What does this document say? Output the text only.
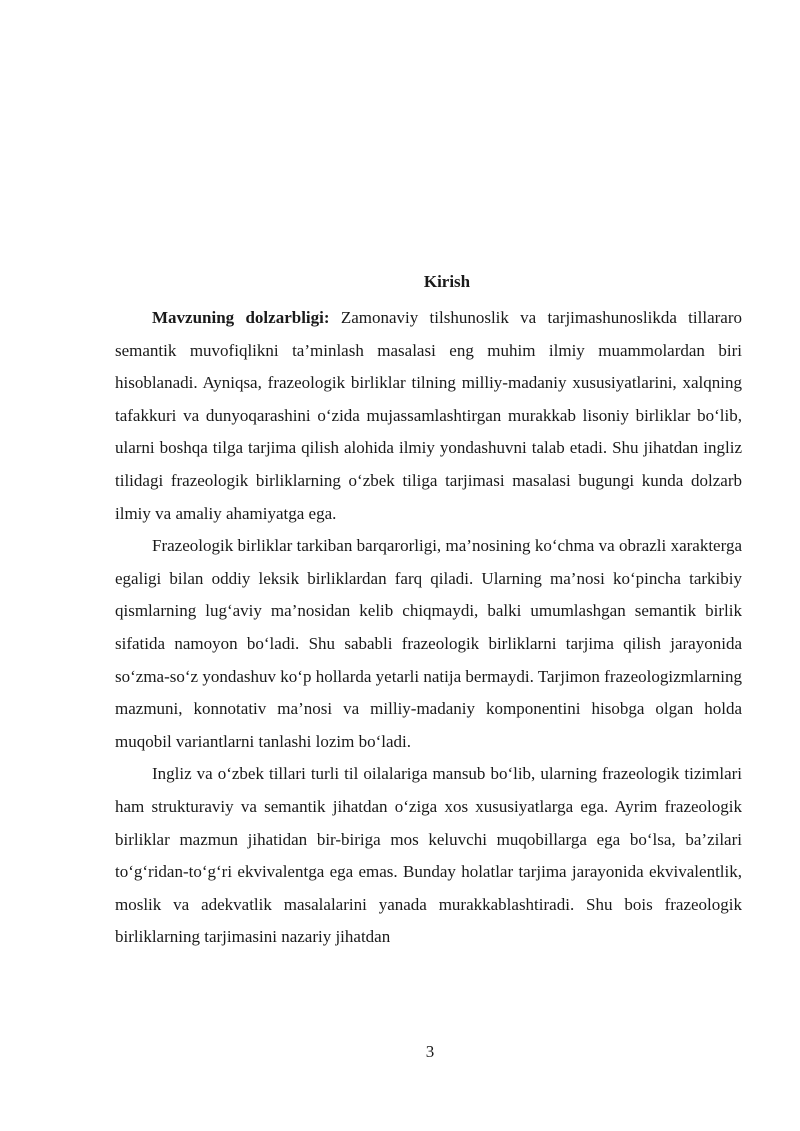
Kirish

Mavzuning dolzarbligi: Zamonaviy tilshunoslik va tarjimashunoslikda tillararo semantik muvofiqlikni ta’minlash masalasi eng muhim ilmiy muammolardan biri hisoblanadi. Ayniqsa, frazeologik birliklar tilning milliy-madaniy xususiyatlarini, xalqning tafakkuri va dunyoqarashini o‘zida mujassamlashtirgan murakkab lisoniy birliklar bo‘lib, ularni boshqa tilga tarjima qilish alohida ilmiy yondashuvni talab etadi. Shu jihatdan ingliz tilidagi frazeologik birliklarning o‘zbek tiliga tarjimasi masalasi bugungi kunda dolzarb ilmiy va amaliy ahamiyatga ega.

Frazeologik birliklar tarkiban barqarorligi, ma’nosining ko‘chma va obrazli xarakterga egaligi bilan oddiy leksik birliklardan farq qiladi. Ularning ma’nosi ko‘pincha tarkibiy qismlarning lug‘aviy ma’nosidan kelib chiqmaydi, balki umumlashgan semantik birlik sifatida namoyon bo‘ladi. Shu sababli frazeologik birliklarni tarjima qilish jarayonida so‘zma-so‘z yondashuv ko‘p hollarda yetarli natija bermaydi. Tarjimon frazeologizmlarning mazmuni, konnotativ ma’nosi va milliy-madaniy komponentini hisobga olgan holda muqobil variantlarni tanlashi lozim bo‘ladi.

Ingliz va o‘zbek tillari turli til oilalariga mansub bo‘lib, ularning frazeologik tizimlari ham strukturaviy va semantik jihatdan o‘ziga xos xususiyatlarga ega. Ayrim frazeologik birliklar mazmun jihatidan bir-biriga mos keluvchi muqobillarga ega bo‘lsa, ba’zilari to‘g‘ridan-to‘g‘ri ekvivalentga ega emas. Bunday holatlar tarjima jarayonida ekvivalentlik, moslik va adekvatlik masalalarini yanada murakkablashtiradi. Shu bois frazeologik birliklarning tarjimasini nazariy jihatdan

3
